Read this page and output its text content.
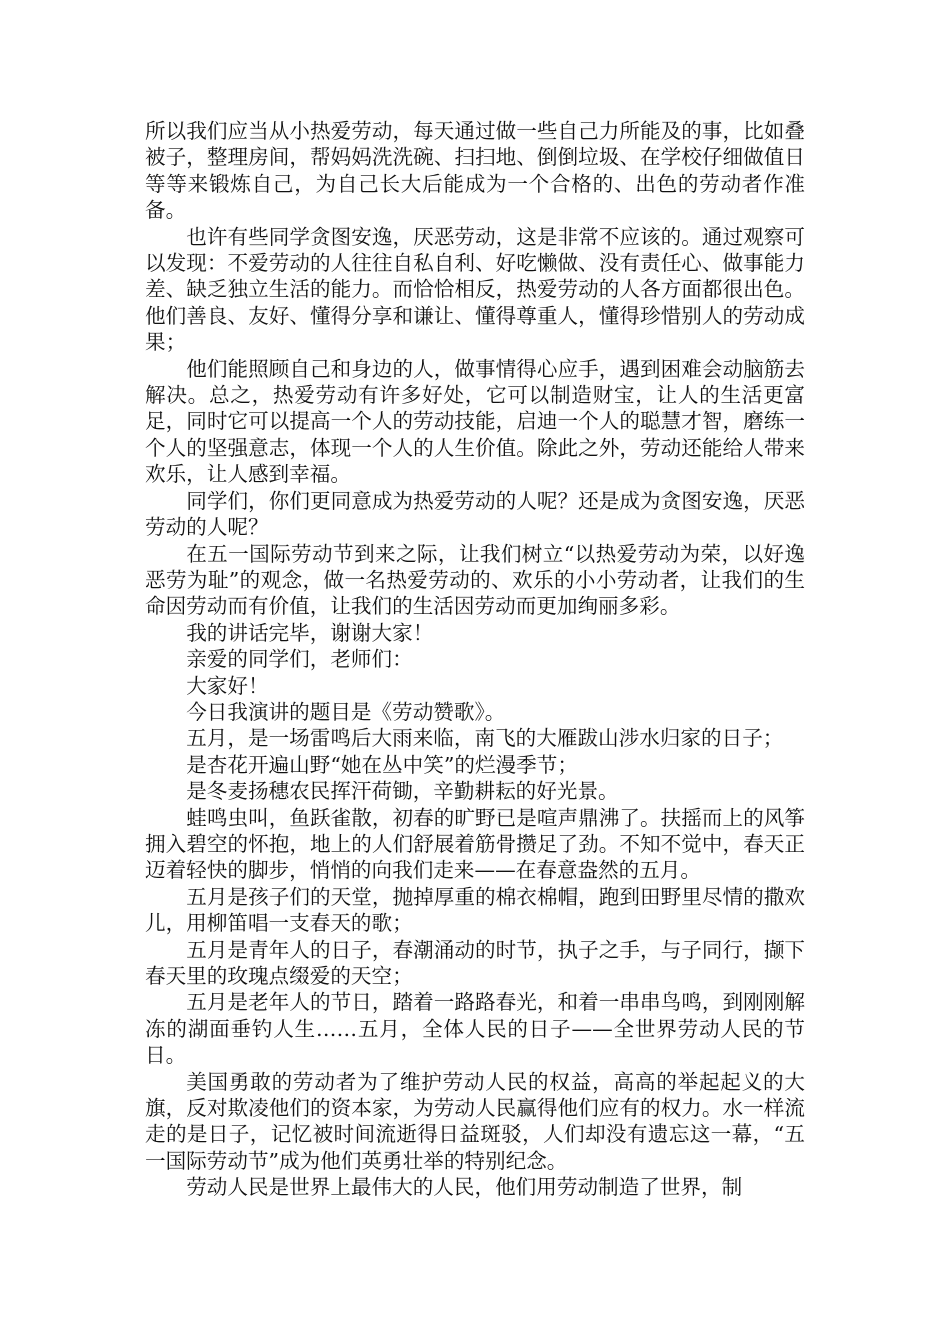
所以我们应当从小热爱劳动，每天通过做一些自己力所能及的事，比如叠被子，整理房间，帮妈妈洗洗碗、扫扫地、倒倒垃圾、在学校仔细做值日等等来锻炼自己，为自己长大后能成为一个合格的、出色的劳动者作准备。

也许有些同学贪图安逸，厌恶劳动，这是非常不应该的。通过观察可以发现：不爱劳动的人往往自私自利、好吃懒做、没有责任心、做事能力差、缺乏独立生活的能力。而恰恰相反，热爱劳动的人各方面都很出色。他们善良、友好、懂得分享和谦让、懂得尊重人，懂得珍惜别人的劳动成果；

他们能照顾自己和身边的人，做事情得心应手，遇到困难会动脑筋去解决。总之，热爱劳动有许多好处，它可以制造财宝，让人的生活更富足，同时它可以提高一个人的劳动技能，启迪一个人的聪慧才智，磨练一个人的坚强意志，体现一个人的人生价值。除此之外，劳动还能给人带来欢乐，让人感到幸福。

同学们，你们更同意成为热爱劳动的人呢？还是成为贪图安逸，厌恶劳动的人呢？

在五一国际劳动节到来之际，让我们树立“以热爱劳动为荣，以好逸恶劳为耻”的观念，做一名热爱劳动的、欢乐的小小劳动者，让我们的生命因劳动而有价值，让我们的生活因劳动而更加绚丽多彩。

我的讲话完毕，谢谢大家！

亲爱的同学们，老师们：

大家好！

今日我演讲的题目是《劳动赞歌》。

五月，是一场雷鸣后大雨来临，南飞的大雁跋山涉水归家的日子；

是杏花开遍山野“她在丛中笑”的烂漫季节；

是冬麦扬穗农民挥汗荷锄，辛勤耕耘的好光景。

蛙鸣虫叫，鱼跃雀散，初春的旷野已是喧声鼎沸了。扶摇而上的风筝拥入碧空的怀抱，地上的人们舒展着筋骨攒足了劲。不知不觉中，春天正迈着轻快的脚步，悄悄的向我们走来——在春意盎然的五月。

五月是孩子们的天堂，抛掉厚重的棉衣棉帽，跑到田野里尽情的撒欢儿，用柳笛唱一支春天的歌；

五月是青年人的日子，春潮涌动的时节，执子之手，与子同行，撷下春天里的玫瑰点缀爱的天空；

五月是老年人的节日，踏着一路路春光，和着一串串鸟鸣，到刚刚解冻的湖面垂钓人生……五月，全体人民的日子——全世界劳动人民的节日。

美国勇敢的劳动者为了维护劳动人民的权益，高高的举起起义的大旗，反对欺凌他们的资本家，为劳动人民赢得他们应有的权力。水一样流走的是日子，记忆被时间流逝得日益斑驳，人们却没有遗忘这一幕，“五一国际劳动节”成为他们英勇壮举的特别纪念。

劳动人民是世界上最伟大的人民，他们用劳动制造了世界，制
